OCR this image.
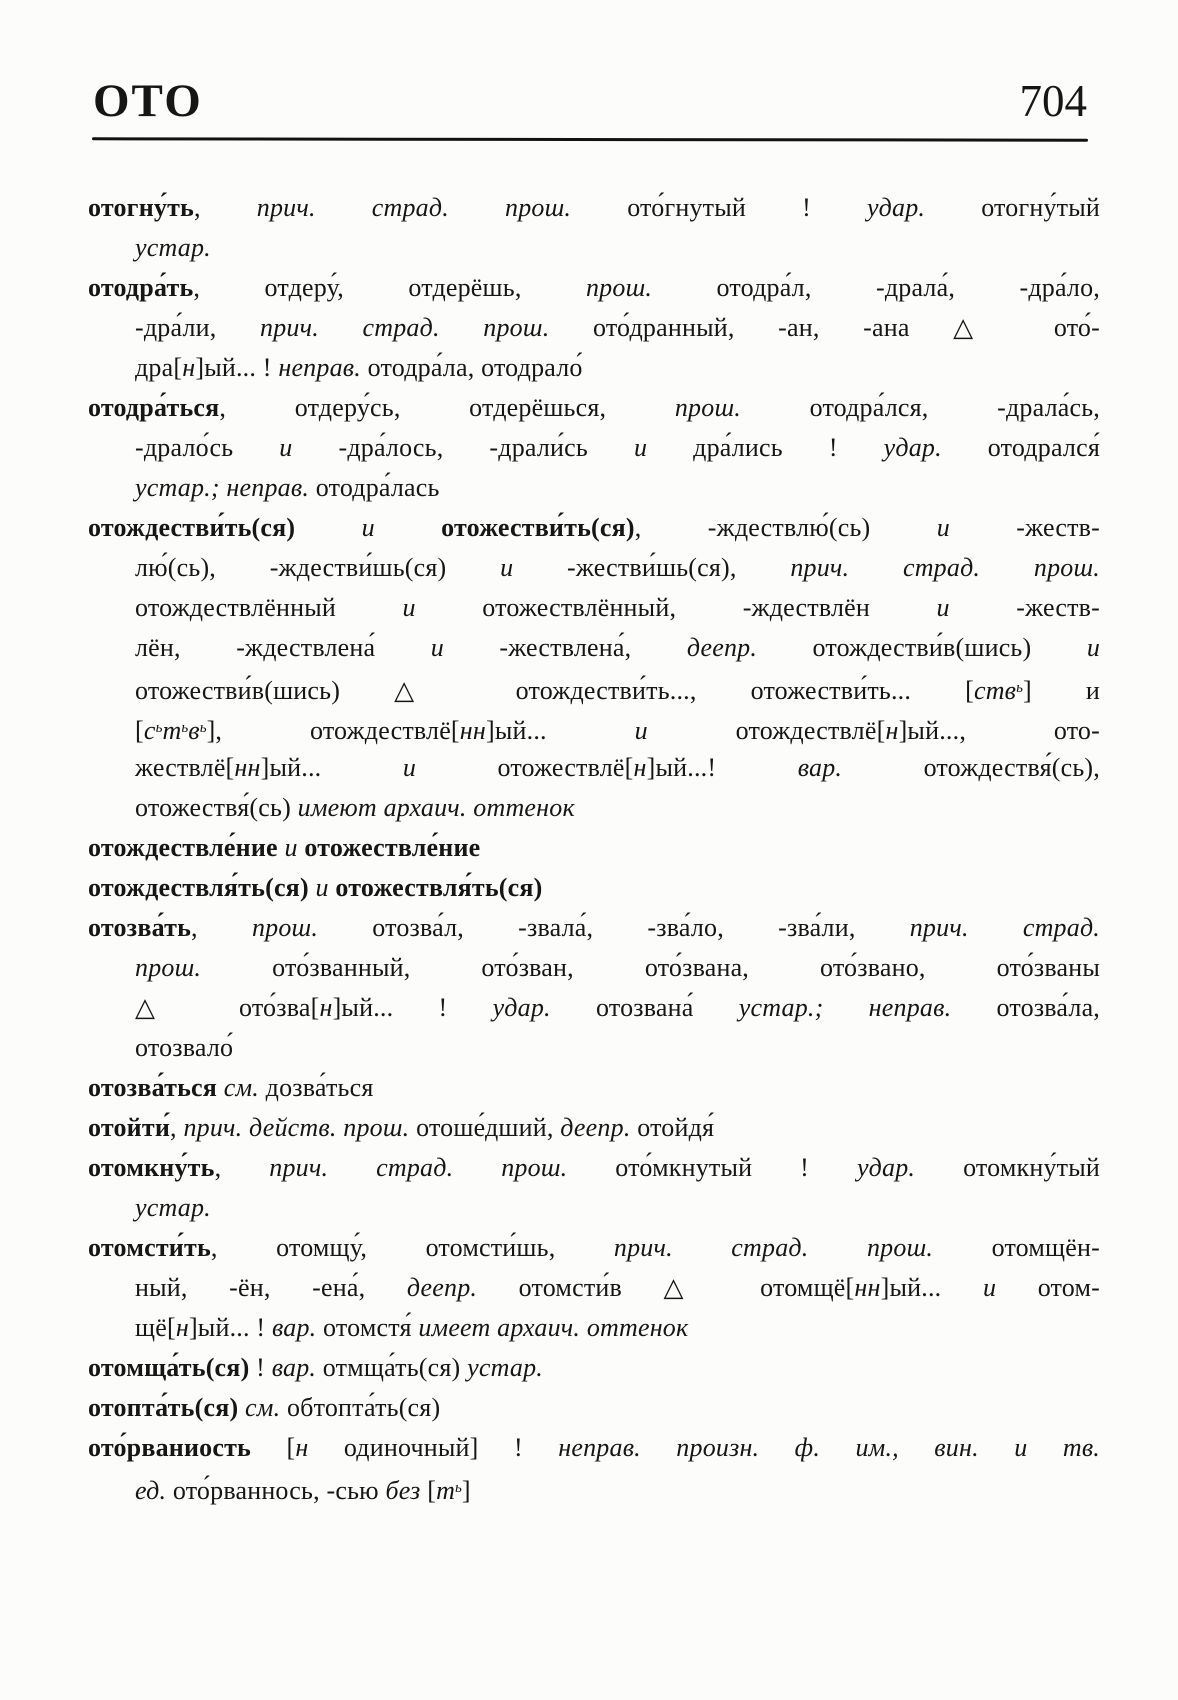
ОТО	704
отогну́ть, прич. страд. прош. ото́гнутый ! удар. отогну́тый
устар.
отодра́ть, отдеру́, отдерёшь, прош. отодра́л, -драла́, -дра́ло,
-дра́ли, прич. страд. прош. ото́дранный, -ан, -ана △ ото́-
дра[н]ый... ! неправ. отодра́ла, отодрало́
отодра́ться, отдеру́сь, отдерёшься, прош. отодра́лся, -драла́сь,
-драло́сь и -дра́лось, -драли́сь и дра́лись ! удар. отодрался́
устар.; неправ. отодра́лась
отождестви́ть(ся) и отожестви́ть(ся), -ждествлю́(сь) и -жеств-
лю́(сь), -ждестви́шь(ся) и -жестви́шь(ся), прич. страд. прош.
отождествлённый и отожествлённый, -ждествлён и -жеств-
лён, -ждествлена́ и -жествлена́, деепр. отождестви́в(шись) и
отожестви́в(шись) △ отождестви́ть..., отожестви́ть... [ств$^ь$] и
$[с^ьт^ьв^ь]$, отождествлё[нн]ый... и отождествлё[н]ый..., ото-
жествлё[нн]ый... и отожествлё[н]ый...! вар. отождествя́(сь),
отожествя́(сь) имеют архаич. оттенок
отождествле́ние и отожествле́ние
отождествля́ть(ся) и отожествля́ть(ся)
отозва́ть, прош. отозва́л, -звала́, -зва́ло, -зва́ли, прич. страд.
прош. ото́званный, ото́зван, ото́звана, ото́звано, ото́званы
△ ото́зва[н]ый... ! удар. отозвана́ устар.; неправ. отозва́ла,
отозвало́
отозва́ться см. дозва́ться
отойти́, прич. действ. прош. отоше́дший, деепр. отойдя́
отомкну́ть, прич. страд. прош. ото́мкнутый ! удар. отомкну́тый
устар.
отомсти́ть, отомщу́, отомсти́шь, прич. страд. прош. отомщён-
ный, -ён, -ена́, деепр. отомсти́в △ отомщё[нн]ый... и отом-
щё[н]ый... ! вар. отомстя́ имеет архаич. оттенок
отомща́ть(ся) ! вар. отмща́ть(ся) устар.
отопта́ть(ся) см. обтопта́ть(ся)
ото́рваниость [н одиночный] ! неправ. произн. ф. им., вин. и тв.
ед. ото́рваннось, -сью без $[т^ь]$
